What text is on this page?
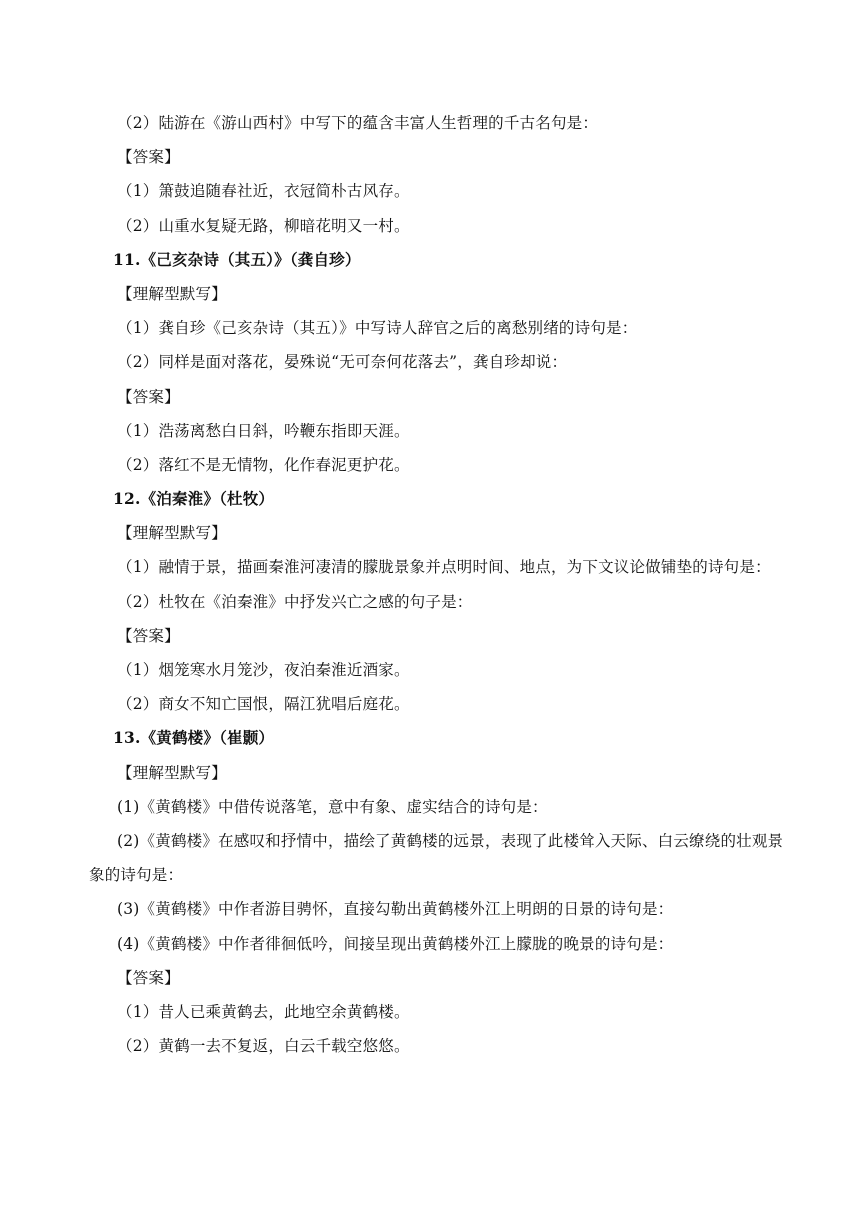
（2）陆游在《游山西村》中写下的蕴含丰富人生哲理的千古名句是：
【答案】
（1）箫鼓追随春社近，衣冠简朴古风存。
（2）山重水复疑无路，柳暗花明又一村。
11.《己亥杂诗（其五）》（龚自珍）
【理解型默写】
（1）龚自珍《己亥杂诗（其五）》中写诗人辞官之后的离愁别绪的诗句是：
（2）同样是面对落花，晏殊说“无可奈何花落去”，龚自珍却说：
【答案】
（1）浩荡离愁白日斜，吟鞭东指即天涯。
（2）落红不是无情物，化作春泥更护花。
12.《泊秦淮》（杜牧）
【理解型默写】
（1）融情于景，描画秦淮河凄清的朦胧景象并点明时间、地点，为下文议论做铺垫的诗句是：
（2）杜牧在《泊秦淮》中抒发兴亡之感的句子是：
【答案】
（1）烟笼寒水月笼沙，夜泊秦淮近酒家。
（2）商女不知亡国恨，隔江犹唱后庭花。
13.《黄鹤楼》（崔颢）
【理解型默写】
(1)《黄鹤楼》中借传说落笔，意中有象、虚实结合的诗句是：
(2)《黄鹤楼》在感叹和抒情中，描绘了黄鹤楼的远景，表现了此楼耸入天际、白云缭绕的壮观景象的诗句是：
(3)《黄鹤楼》中作者游目骋怀，直接勾勒出黄鹤楼外江上明朗的日景的诗句是：
(4)《黄鹤楼》中作者徘徊低吟，间接呈现出黄鹤楼外江上朦胧的晚景的诗句是：
【答案】
（1）昔人已乘黄鹤去，此地空余黄鹤楼。
（2）黄鹤一去不复返，白云千载空悠悠。
